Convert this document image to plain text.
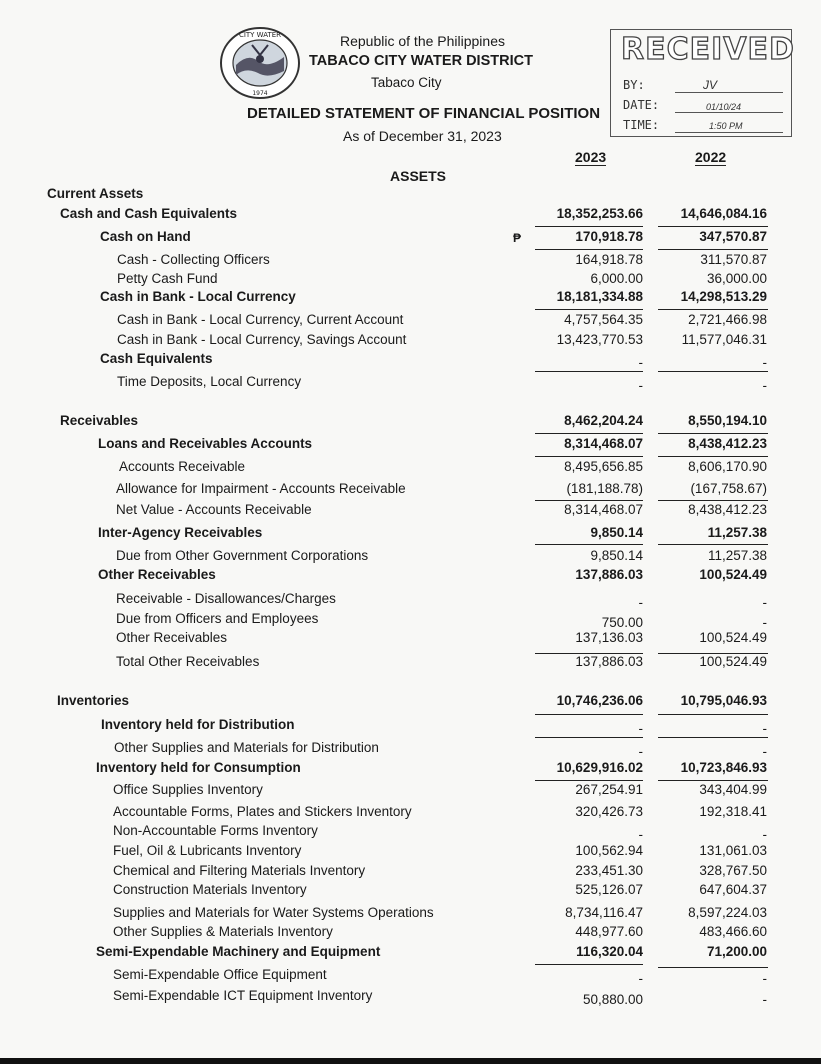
CITY WATER
1974
Republic of the Philippines
TABACO CITY WATER DISTRICT
Tabaco City
DETAILED STATEMENT OF FINANCIAL POSITION
As of December 31, 2023
RECEIVED
BY:	JV
DATE:	01/10/24
TIME:	1:50 PM
2023	2022
ASSETS
₱
Current Assets
Cash and Cash Equivalents	18,352,253.66	14,646,084.16
Cash on Hand	170,918.78	347,570.87
Cash - Collecting Officers	164,918.78	311,570.87
Petty Cash Fund	6,000.00	36,000.00
Cash in Bank - Local Currency	18,181,334.88	14,298,513.29
Cash in Bank - Local Currency, Current Account	4,757,564.35	2,721,466.98
Cash in Bank - Local Currency, Savings Account	13,423,770.53	11,577,046.31
Cash Equivalents	-	-
Time Deposits, Local Currency	-	-
Receivables	8,462,204.24	8,550,194.10
Loans and Receivables Accounts	8,314,468.07	8,438,412.23
Accounts Receivable	8,495,656.85	8,606,170.90
Allowance for Impairment - Accounts Receivable	(181,188.78)	(167,758.67)
Net Value - Accounts Receivable	8,314,468.07	8,438,412.23
Inter-Agency Receivables	9,850.14	11,257.38
Due from Other Government Corporations	9,850.14	11,257.38
Other Receivables	137,886.03	100,524.49
Receivable - Disallowances/Charges	-	-
Due from Officers and Employees	750.00	-
Other Receivables	137,136.03	100,524.49
Total Other Receivables	137,886.03	100,524.49
Inventories	10,746,236.06	10,795,046.93
Inventory held for Distribution	-	-
Other Supplies and Materials for Distribution	-	-
Inventory held for Consumption	10,629,916.02	10,723,846.93
Office Supplies Inventory	267,254.91	343,404.99
Accountable Forms, Plates and Stickers Inventory	320,426.73	192,318.41
Non-Accountable Forms Inventory	-	-
Fuel, Oil & Lubricants Inventory	100,562.94	131,061.03
Chemical and Filtering Materials Inventory	233,451.30	328,767.50
Construction Materials Inventory	525,126.07	647,604.37
Supplies and Materials for Water Systems Operations	8,734,116.47	8,597,224.03
Other Supplies & Materials Inventory	448,977.60	483,466.60
Semi-Expendable Machinery and Equipment	116,320.04	71,200.00
Semi-Expendable Office Equipment	-	-
Semi-Expendable ICT Equipment Inventory	50,880.00	-
